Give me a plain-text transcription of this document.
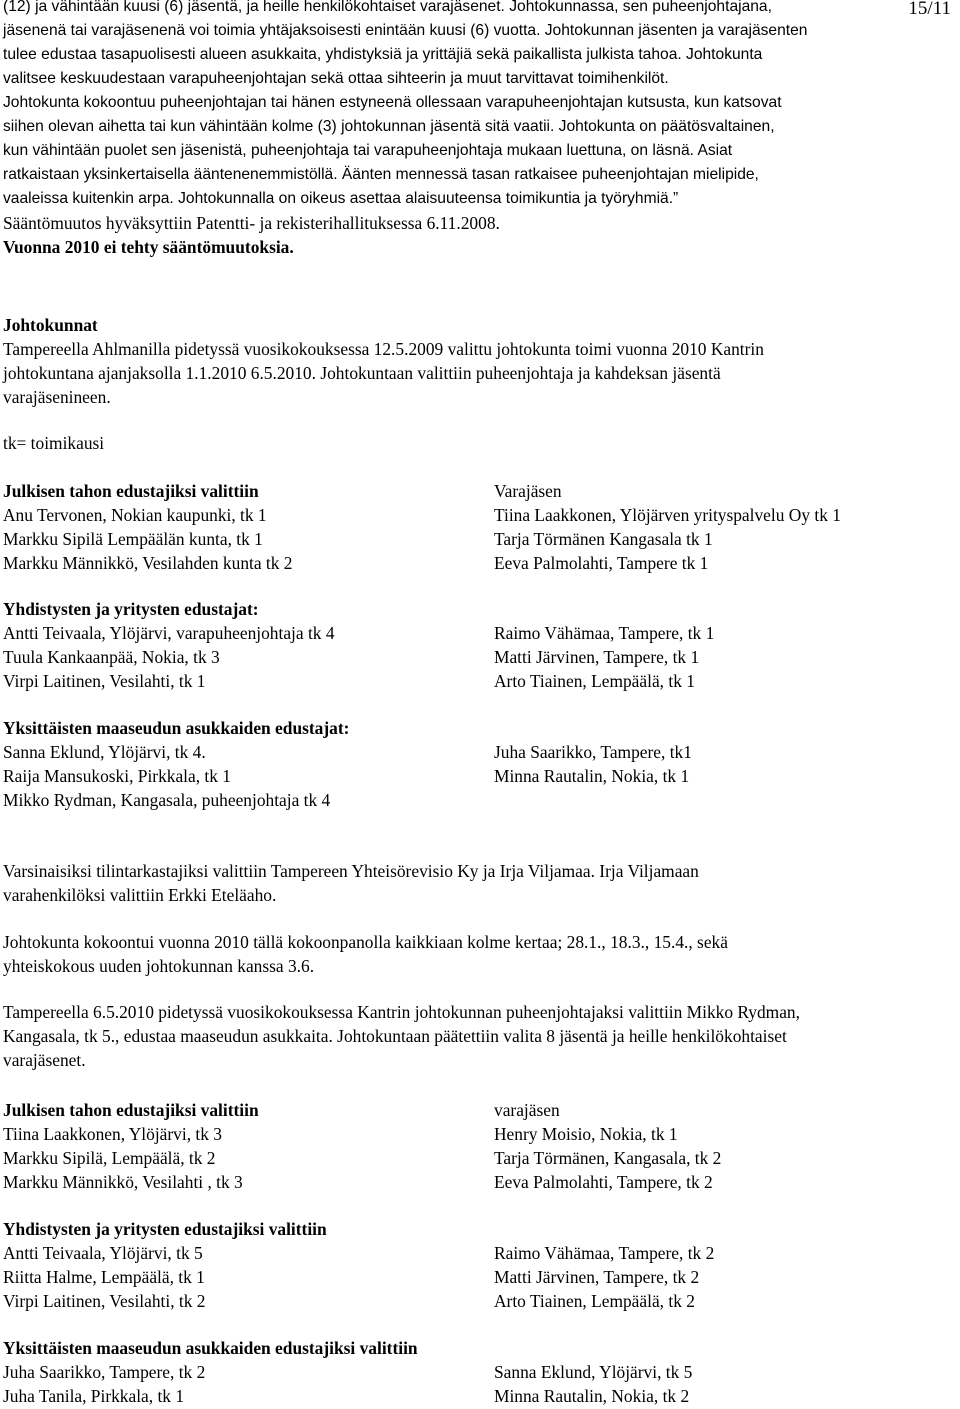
15/11

(12) ja vähintään kuusi (6) jäsentä, ja heille henkilökohtaiset varajäsenet. Johtokunnassa, sen puheenjohtajana,

jäsenenä tai varajäsenenä voi toimia yhtäjaksoisesti enintään kuusi (6) vuotta. Johtokunnan jäsenten ja varajäsenten

tulee edustaa tasapuolisesti alueen asukkaita, yhdistyksiä ja yrittäjiä sekä paikallista julkista tahoa. Johtokunta

valitsee keskuudestaan varapuheenjohtajan sekä ottaa sihteerin ja muut tarvittavat toimihenkilöt.

Johtokunta kokoontuu puheenjohtajan tai hänen estyneenä ollessaan varapuheenjohtajan kutsusta, kun katsovat

siihen olevan aihetta tai kun vähintään kolme (3) johtokunnan jäsentä sitä vaatii. Johtokunta on päätösvaltainen,

kun vähintään puolet sen jäsenistä, puheenjohtaja tai varapuheenjohtaja mukaan luettuna, on läsnä. Asiat

ratkaistaan yksinkertaisella ääntenenemmistöllä. Äänten mennessä tasan ratkaisee puheenjohtajan mielipide,

vaaleissa kuitenkin arpa. Johtokunnalla on oikeus asettaa alaisuuteensa toimikuntia ja työryhmiä.”

Sääntömuutos hyväksyttiin Patentti- ja rekisterihallituksessa 6.11.2008.

Vuonna 2010 ei tehty sääntömuutoksia.

Johtokunnat

Tampereella Ahlmanilla pidetyssä vuosikokouksessa 12.5.2009 valittu johtokunta toimi vuonna 2010 Kantrin

johtokuntana ajanjaksolla 1.1.2010 6.5.2010. Johtokuntaan valittiin puheenjohtaja ja kahdeksan jäsentä

varajäsenineen.

tk= toimikausi

Julkisen tahon edustajiksi valittiin	Varajäsen
Anu Tervonen, Nokian kaupunki, tk 1	Tiina Laakkonen, Ylöjärven yrityspalvelu Oy tk 1
Markku Sipilä Lempäälän kunta, tk 1	Tarja Törmänen Kangasala tk 1
Markku Männikkö, Vesilahden kunta tk 2	Eeva Palmolahti, Tampere tk 1
Yhdistysten ja yritysten edustajat:
Antti Teivaala, Ylöjärvi, varapuheenjohtaja tk 4	Raimo Vähämaa, Tampere, tk 1
Tuula Kankaanpää, Nokia, tk 3	Matti Järvinen, Tampere, tk 1
Virpi Laitinen, Vesilahti, tk 1	Arto Tiainen, Lempäälä, tk 1
Yksittäisten maaseudun asukkaiden edustajat:
Sanna Eklund, Ylöjärvi, tk 4.	Juha Saarikko, Tampere, tk1
Raija Mansukoski, Pirkkala, tk 1	Minna Rautalin, Nokia, tk 1
Mikko Rydman, Kangasala, puheenjohtaja tk 4

Varsinaisiksi tilintarkastajiksi valittiin Tampereen Yhteisörevisio Ky ja Irja Viljamaa. Irja Viljamaan

varahenkilöksi valittiin Erkki Eteläaho.

Johtokunta kokoontui vuonna 2010 tällä kokoonpanolla kaikkiaan kolme kertaa; 28.1., 18.3., 15.4., sekä

yhteiskokous uuden johtokunnan kanssa 3.6.

Tampereella 6.5.2010 pidetyssä vuosikokouksessa Kantrin johtokunnan puheenjohtajaksi valittiin Mikko Rydman,

Kangasala, tk 5., edustaa maaseudun asukkaita. Johtokuntaan päätettiin valita 8 jäsentä ja heille henkilökohtaiset

varajäsenet.

Julkisen tahon edustajiksi valittiin	varajäsen
Tiina Laakkonen, Ylöjärvi, tk 3	Henry Moisio, Nokia, tk 1
Markku Sipilä, Lempäälä, tk 2	Tarja Törmänen, Kangasala, tk 2
Markku Männikkö, Vesilahti , tk 3	Eeva Palmolahti, Tampere, tk 2
Yhdistysten ja yritysten edustajiksi valittiin
Antti Teivaala, Ylöjärvi, tk 5	Raimo Vähämaa, Tampere, tk 2
Riitta Halme, Lempäälä, tk 1	Matti Järvinen, Tampere, tk 2
Virpi Laitinen, Vesilahti, tk 2	Arto Tiainen, Lempäälä, tk 2
Yksittäisten maaseudun asukkaiden edustajiksi valittiin
Juha Saarikko, Tampere, tk 2	Sanna Eklund, Ylöjärvi, tk 5
Juha Tanila, Pirkkala, tk 1	Minna Rautalin, Nokia, tk 2
